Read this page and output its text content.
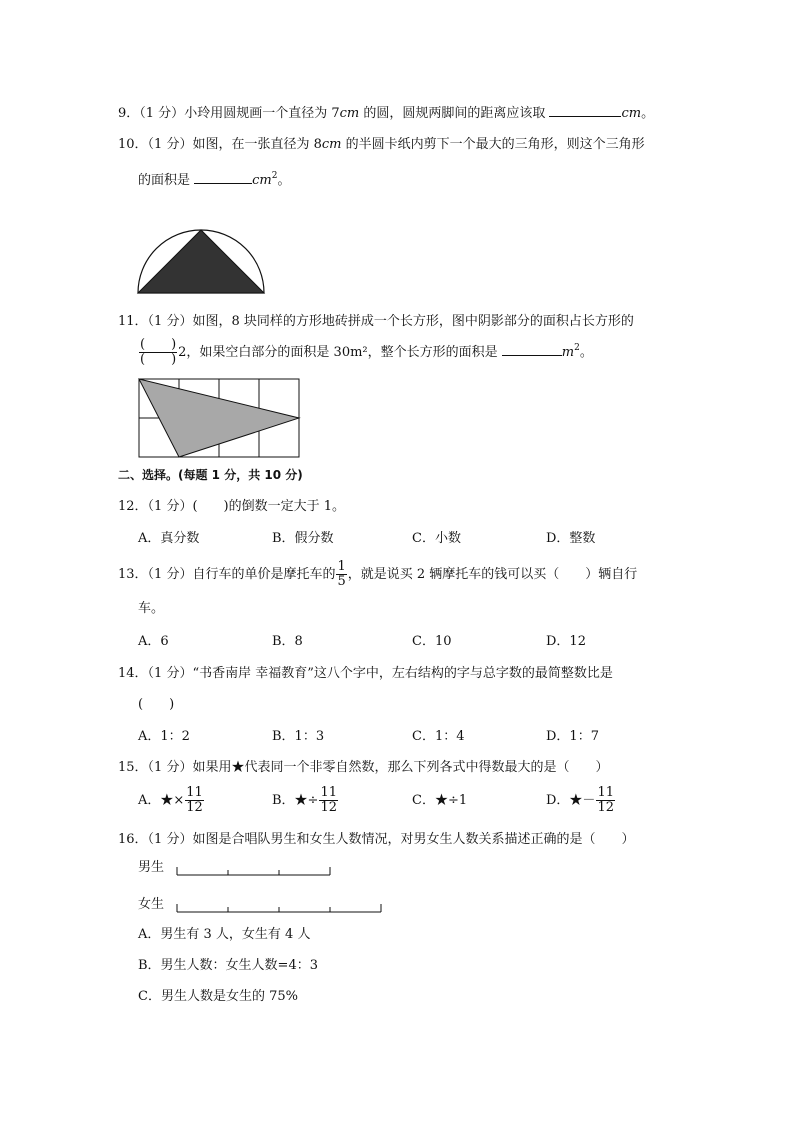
9．（1 分）小玲用圆规画一个直径为 7cm 的圆，圆规两脚间的距离应该取	cm。
10．（1 分）如图，在一张直径为 8cm 的半圆卡纸内剪下一个最大的三角形，则这个三角形
的面积是	$cm^2$。
11．（1 分）如图，8 块同样的方形地砖拼成一个长方形，图中阴影部分的面积占长方形的
$\frac{( )}{( )} 2$，如果空白部分的面积是 30m²，整个长方形的面积是	$m^2$。
二、选择。(每题 1 分，共 10 分)
12．（1 分）(　　)的倒数一定大于 1。
A．真分数	B．假分数	C．小数	D．整数
13．（1 分）自行车的单价是摩托车的 $\frac{1}{5}$ ，就是说买 2 辆摩托车的钱可以买（　　）辆自行
车。
A．6	B．8	C．10	D．12
14．（1 分）“书香南岸 幸福教育”这八个字中，左右结构的字与总字数的最简整数比是
(　　)
A．1：2	B．1：3	C．1：4	D．1：7
15．（1 分）如果用★代表同一个非零自然数，那么下列各式中得数最大的是（　　）
A．★× $\frac{11}{12}$	B．★÷ $\frac{11}{12}$	C．★÷1	D．★－ $\frac{11}{12}$
16．（1 分）如图是合唱队男生和女生人数情况，对男女生人数关系描述正确的是（　　）
男生
女生
A．男生有 3 人，女生有 4 人
B．男生人数：女生人数=4：3
C．男生人数是女生的 75%
